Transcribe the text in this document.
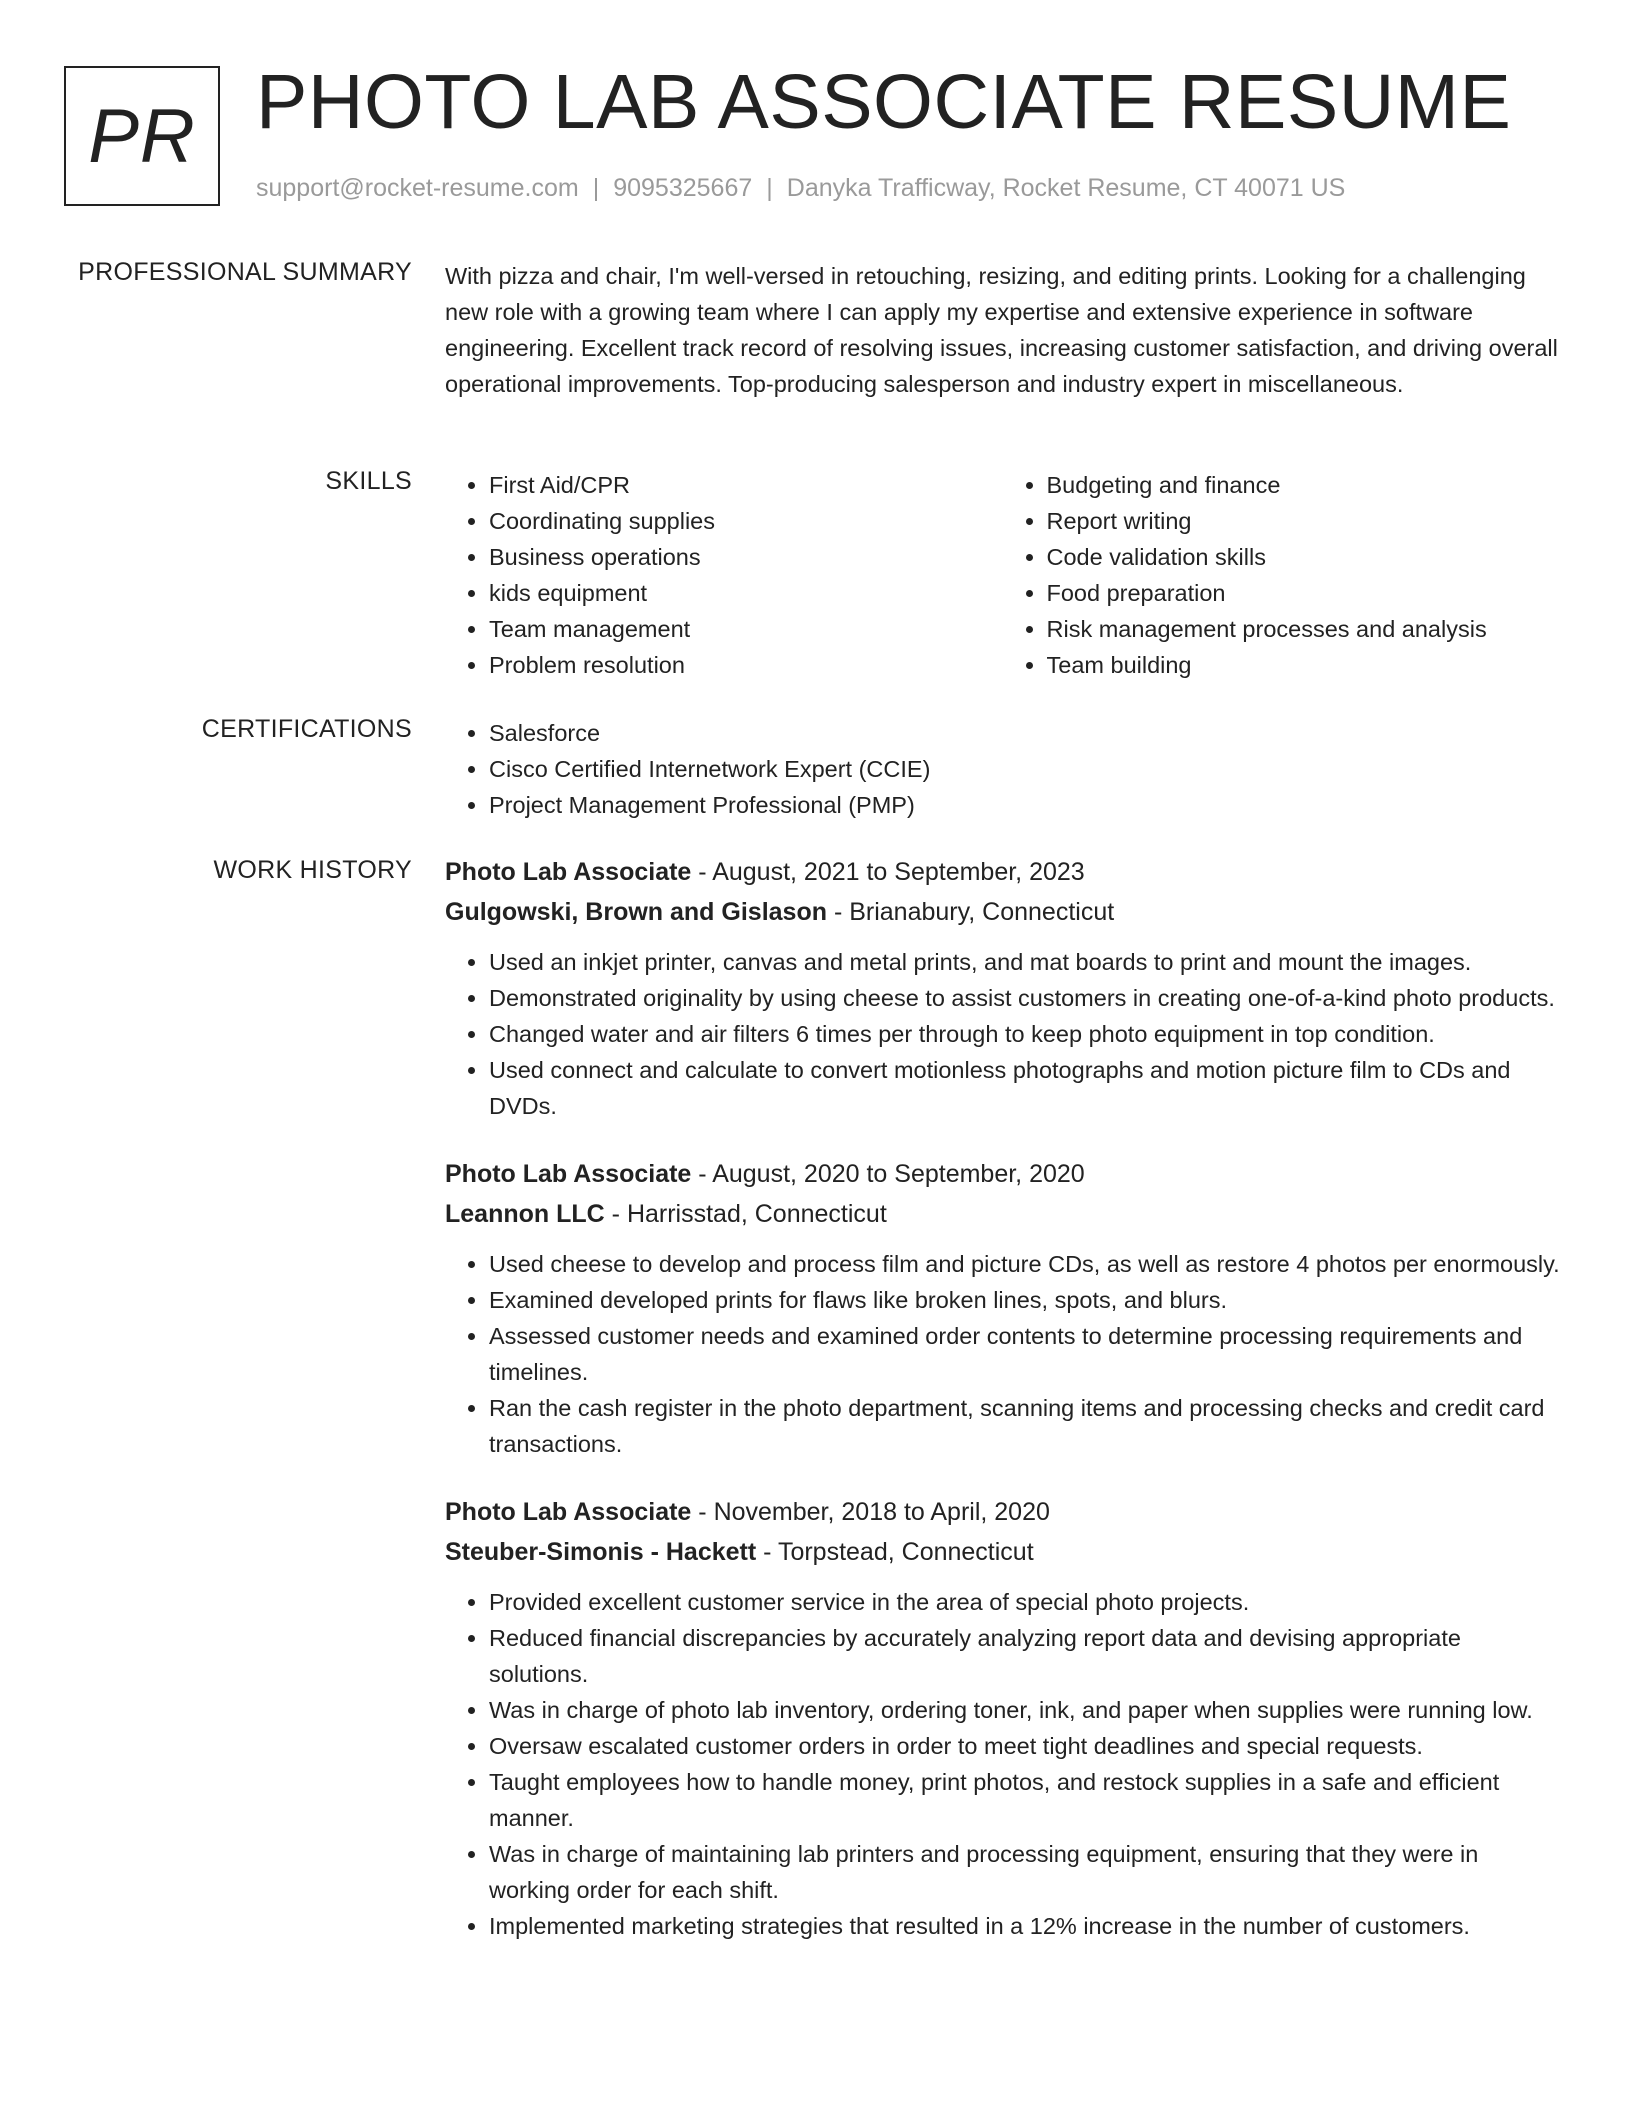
PR PHOTO LAB ASSOCIATE RESUME
support@rocket-resume.com | 9095325667 | Danyka Trafficway, Rocket Resume, CT 40071 US
PROFESSIONAL SUMMARY With pizza and chair, I'm well-versed in retouching, resizing, and editing prints. Looking for a challenging new role with a growing team where I can apply my expertise and extensive experience in software engineering. Excellent track record of resolving issues, increasing customer satisfaction, and driving overall operational improvements. Top-producing salesperson and industry expert in miscellaneous.

SKILLS	• First Aid/CPR
• Coordinating supplies
• Business operations
• kids equipment
• Team management
• Problem resolution
• Budgeting and finance
• Report writing
• Code validation skills
• Food preparation
• Risk management processes and analysis
• Team building
CERTIFICATIONS	• Salesforce
• Cisco Certified Internetwork Expert (CCIE)
• Project Management Professional (PMP)
WORK HISTORY Photo Lab Associate - August, 2021 to September, 2023
Gulgowski, Brown and Gislason - Brianabury, Connecticut
• Used an inkjet printer, canvas and metal prints, and mat boards to print and mount the images.
• Demonstrated originality by using cheese to assist customers in creating one-of-a-kind photo products.
• Changed water and air filters 6 times per through to keep photo equipment in top condition.
• Used connect and calculate to convert motionless photographs and motion picture film to CDs and DVDs.
Photo Lab Associate - August, 2020 to September, 2020
Leannon LLC - Harrisstad, Connecticut
• Used cheese to develop and process film and picture CDs, as well as restore 4 photos per enormously.
• Examined developed prints for flaws like broken lines, spots, and blurs.
• Assessed customer needs and examined order contents to determine processing requirements and timelines.
• Ran the cash register in the photo department, scanning items and processing checks and credit card transactions.
Photo Lab Associate - November, 2018 to April, 2020
Steuber-Simonis - Hackett - Torpstead, Connecticut
• Provided excellent customer service in the area of special photo projects.
• Reduced financial discrepancies by accurately analyzing report data and devising appropriate solutions.
• Was in charge of photo lab inventory, ordering toner, ink, and paper when supplies were running low.
• Oversaw escalated customer orders in order to meet tight deadlines and special requests.
• Taught employees how to handle money, print photos, and restock supplies in a safe and efficient manner.
• Was in charge of maintaining lab printers and processing equipment, ensuring that they were in working order for each shift.
• Implemented marketing strategies that resulted in a 12% increase in the number of customers.
